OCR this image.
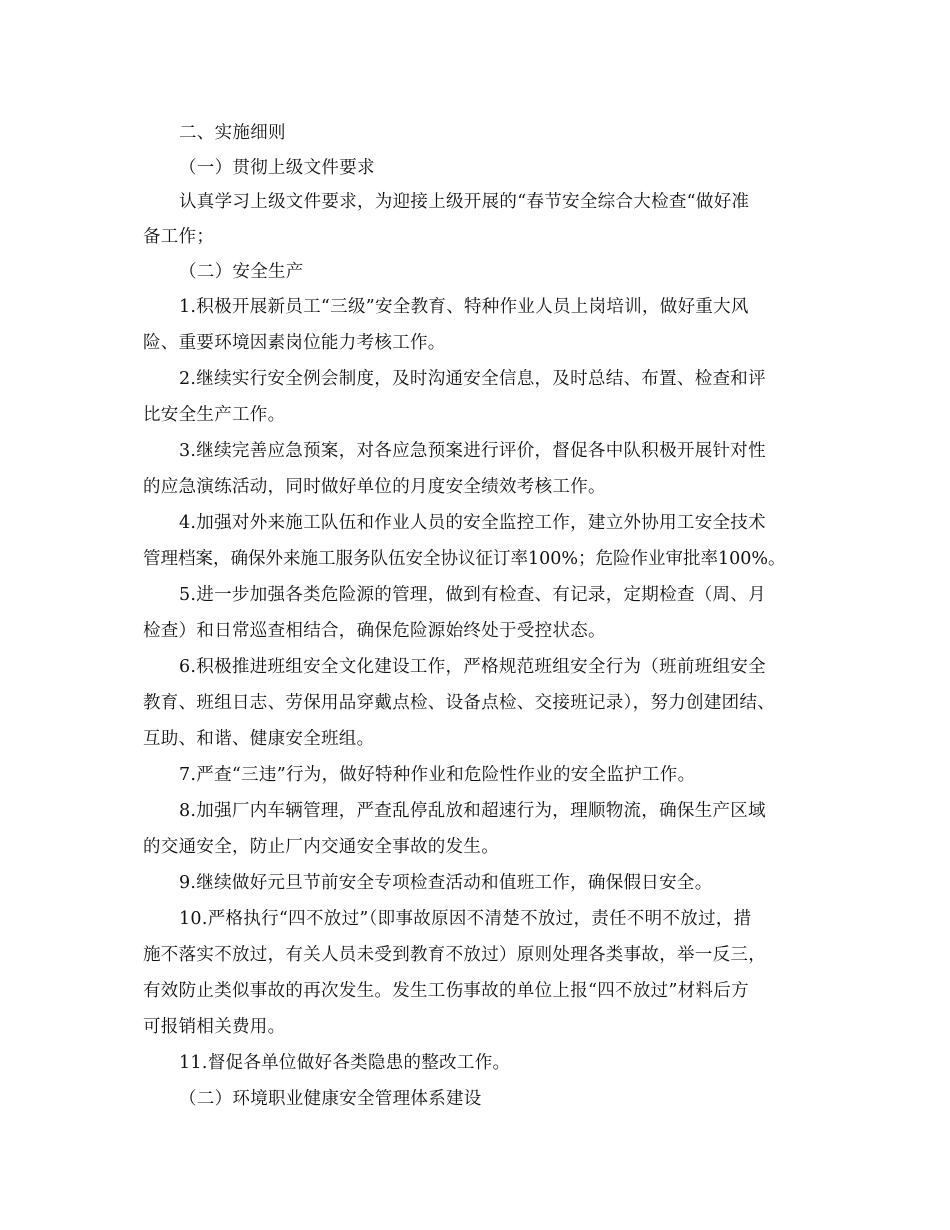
二、实施细则

（一）贯彻上级文件要求

认真学习上级文件要求，为迎接上级开展的“春节安全综合大检查“做好准

备工作；

（二）安全生产

1.积极开展新员工“三级”安全教育、特种作业人员上岗培训，做好重大风

险、重要环境因素岗位能力考核工作。

2.继续实行安全例会制度，及时沟通安全信息，及时总结、布置、检查和评

比安全生产工作。

3.继续完善应急预案，对各应急预案进行评价，督促各中队积极开展针对性

的应急演练活动，同时做好单位的月度安全绩效考核工作。

4.加强对外来施工队伍和作业人员的安全监控工作，建立外协用工安全技术

管理档案，确保外来施工服务队伍安全协议征订率100%；危险作业审批率100%。

5.进一步加强各类危险源的管理，做到有检查、有记录，定期检查（周、月

检查）和日常巡查相结合，确保危险源始终处于受控状态。

6.积极推进班组安全文化建设工作，严格规范班组安全行为（班前班组安全

教育、班组日志、劳保用品穿戴点检、设备点检、交接班记录），努力创建团结、

互助、和谐、健康安全班组。

7.严查“三违”行为，做好特种作业和危险性作业的安全监护工作。

8.加强厂内车辆管理，严查乱停乱放和超速行为，理顺物流，确保生产区域

的交通安全，防止厂内交通安全事故的发生。

9.继续做好元旦节前安全专项检查活动和值班工作，确保假日安全。

10.严格执行“四不放过”（即事故原因不清楚不放过，责任不明不放过，措

施不落实不放过，有关人员未受到教育不放过）原则处理各类事故，举一反三，

有效防止类似事故的再次发生。发生工伤事故的单位上报“四不放过”材料后方

可报销相关费用。

11.督促各单位做好各类隐患的整改工作。

（二）环境职业健康安全管理体系建设
